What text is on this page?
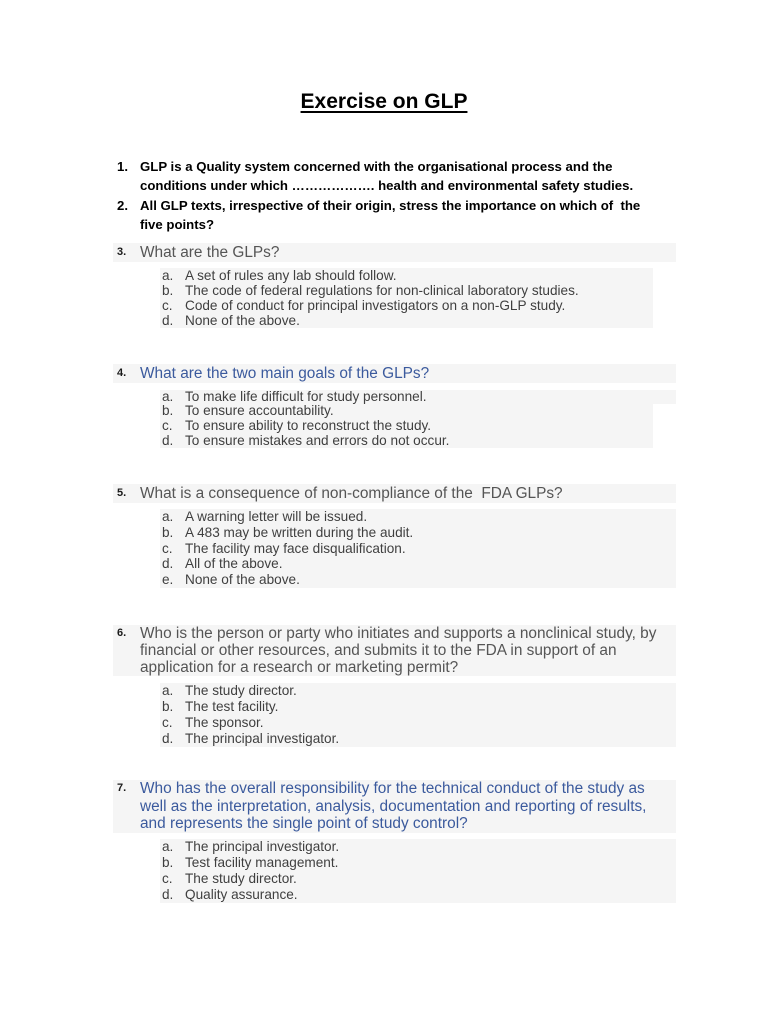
Exercise on GLP
1. GLP is a Quality system concerned with the organisational process and the
conditions under which ………………. health and environmental safety studies.
2. All GLP texts, irrespective of their origin, stress the importance on which of  the
five points?
3. What are the GLPs?
a. A set of rules any lab should follow.
b. The code of federal regulations for non-clinical laboratory studies.
c. Code of conduct for principal investigators on a non-GLP study.
d. None of the above.
4. What are the two main goals of the GLPs?
a. To make life difficult for study personnel.
b. To ensure accountability.
c. To ensure ability to reconstruct the study.
d. To ensure mistakes and errors do not occur.
5. What is a consequence of non-compliance of the  FDA GLPs?
a. A warning letter will be issued.
b. A 483 may be written during the audit.
c. The facility may face disqualification.
d. All of the above.
e. None of the above.
6. Who is the person or party who initiates and supports a nonclinical study, by
financial or other resources, and submits it to the FDA in support of an
application for a research or marketing permit?
a. The study director.
b. The test facility.
c. The sponsor.
d. The principal investigator.
7. Who has the overall responsibility for the technical conduct of the study as
well as the interpretation, analysis, documentation and reporting of results,
and represents the single point of study control?
a. The principal investigator.
b. Test facility management.
c. The study director.
d. Quality assurance.
